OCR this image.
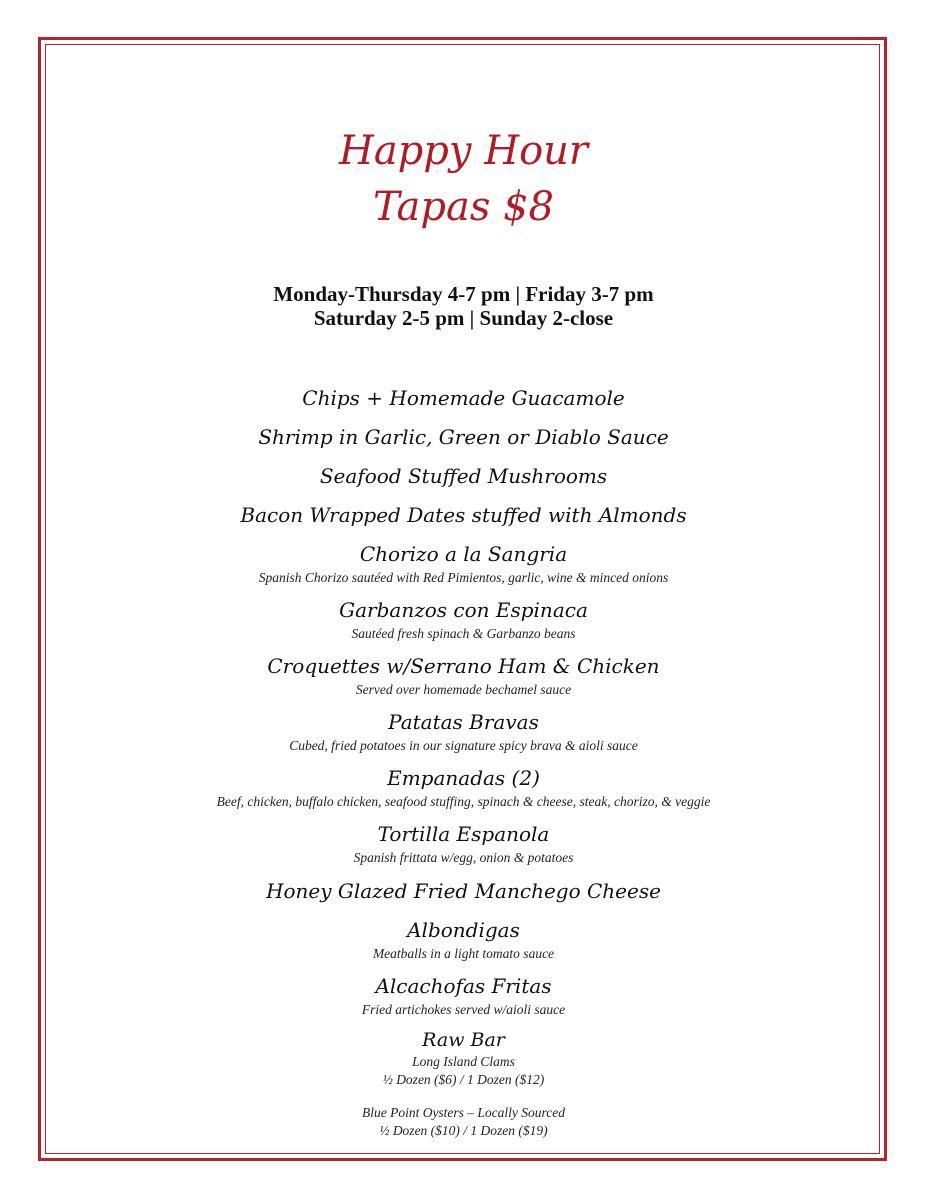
Happy Hour
Tapas $8
Monday-Thursday 4-7 pm | Friday 3-7 pm
Saturday 2-5 pm | Sunday 2-close
Chips + Homemade Guacamole
Shrimp in Garlic, Green or Diablo Sauce
Seafood Stuffed Mushrooms
Bacon Wrapped Dates stuffed with Almonds
Chorizo a la Sangria
Spanish Chorizo sautéed with Red Pimientos, garlic, wine & minced onions
Garbanzos con Espinaca
Sautéed fresh spinach & Garbanzo beans
Croquettes w/Serrano Ham & Chicken
Served over homemade bechamel sauce
Patatas Bravas
Cubed, fried potatoes in our signature spicy brava & aioli sauce
Empanadas (2)
Beef, chicken, buffalo chicken, seafood stuffing, spinach & cheese, steak, chorizo, & veggie
Tortilla Espanola
Spanish frittata w/egg, onion & potatoes
Honey Glazed Fried Manchego Cheese
Albondigas
Meatballs in a light tomato sauce
Alcachofas Fritas
Fried artichokes served w/aioli sauce
Raw Bar
Long Island Clams
½ Dozen ($6) / 1 Dozen ($12)
Blue Point Oysters – Locally Sourced
½ Dozen ($10) / 1 Dozen ($19)
